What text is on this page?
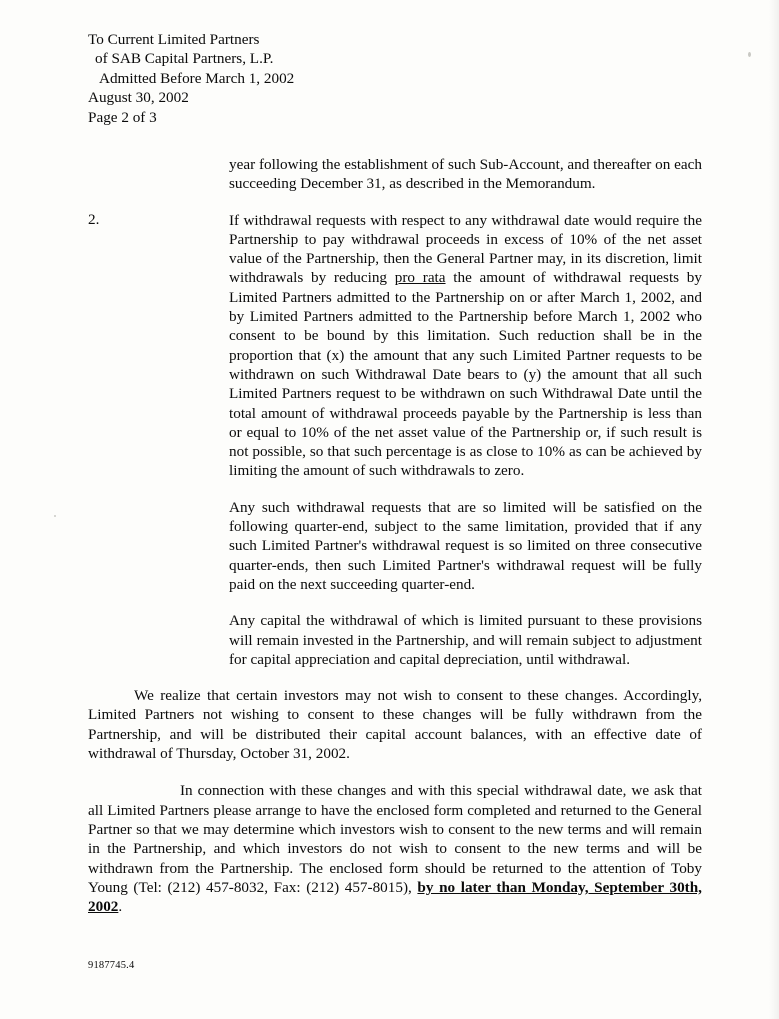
To Current Limited Partners
of SAB Capital Partners, L.P.
Admitted Before March 1, 2002
August 30, 2002
Page 2 of 3

year following the establishment of such Sub-Account, and thereafter on each succeeding December 31, as described in the Memorandum.

2.	If withdrawal requests with respect to any withdrawal date would require the Partnership to pay withdrawal proceeds in excess of 10% of the net asset value of the Partnership, then the General Partner may, in its discretion, limit withdrawals by reducing pro rata the amount of withdrawal requests by Limited Partners admitted to the Partnership on or after March 1, 2002, and by Limited Partners admitted to the Partnership before March 1, 2002 who consent to be bound by this limitation. Such reduction shall be in the proportion that (x) the amount that any such Limited Partner requests to be withdrawn on such Withdrawal Date bears to (y) the amount that all such Limited Partners request to be withdrawn on such Withdrawal Date until the total amount of withdrawal proceeds payable by the Partnership is less than or equal to 10% of the net asset value of the Partnership or, if such result is not possible, so that such percentage is as close to 10% as can be achieved by limiting the amount of such withdrawals to zero.

Any such withdrawal requests that are so limited will be satisfied on the following quarter-end, subject to the same limitation, provided that if any such Limited Partner's withdrawal request is so limited on three consecutive quarter-ends, then such Limited Partner's withdrawal request will be fully paid on the next succeeding quarter-end.

Any capital the withdrawal of which is limited pursuant to these provisions will remain invested in the Partnership, and will remain subject to adjustment for capital appreciation and capital depreciation, until withdrawal.

We realize that certain investors may not wish to consent to these changes. Accordingly, Limited Partners not wishing to consent to these changes will be fully withdrawn from the Partnership, and will be distributed their capital account balances, with an effective date of withdrawal of Thursday, October 31, 2002.

In connection with these changes and with this special withdrawal date, we ask that all Limited Partners please arrange to have the enclosed form completed and returned to the General Partner so that we may determine which investors wish to consent to the new terms and will remain in the Partnership, and which investors do not wish to consent to the new terms and will be withdrawn from the Partnership. The enclosed form should be returned to the attention of Toby Young (Tel: (212) 457-8032, Fax: (212) 457-8015), by no later than Monday, September 30th, 2002.

9187745.4
